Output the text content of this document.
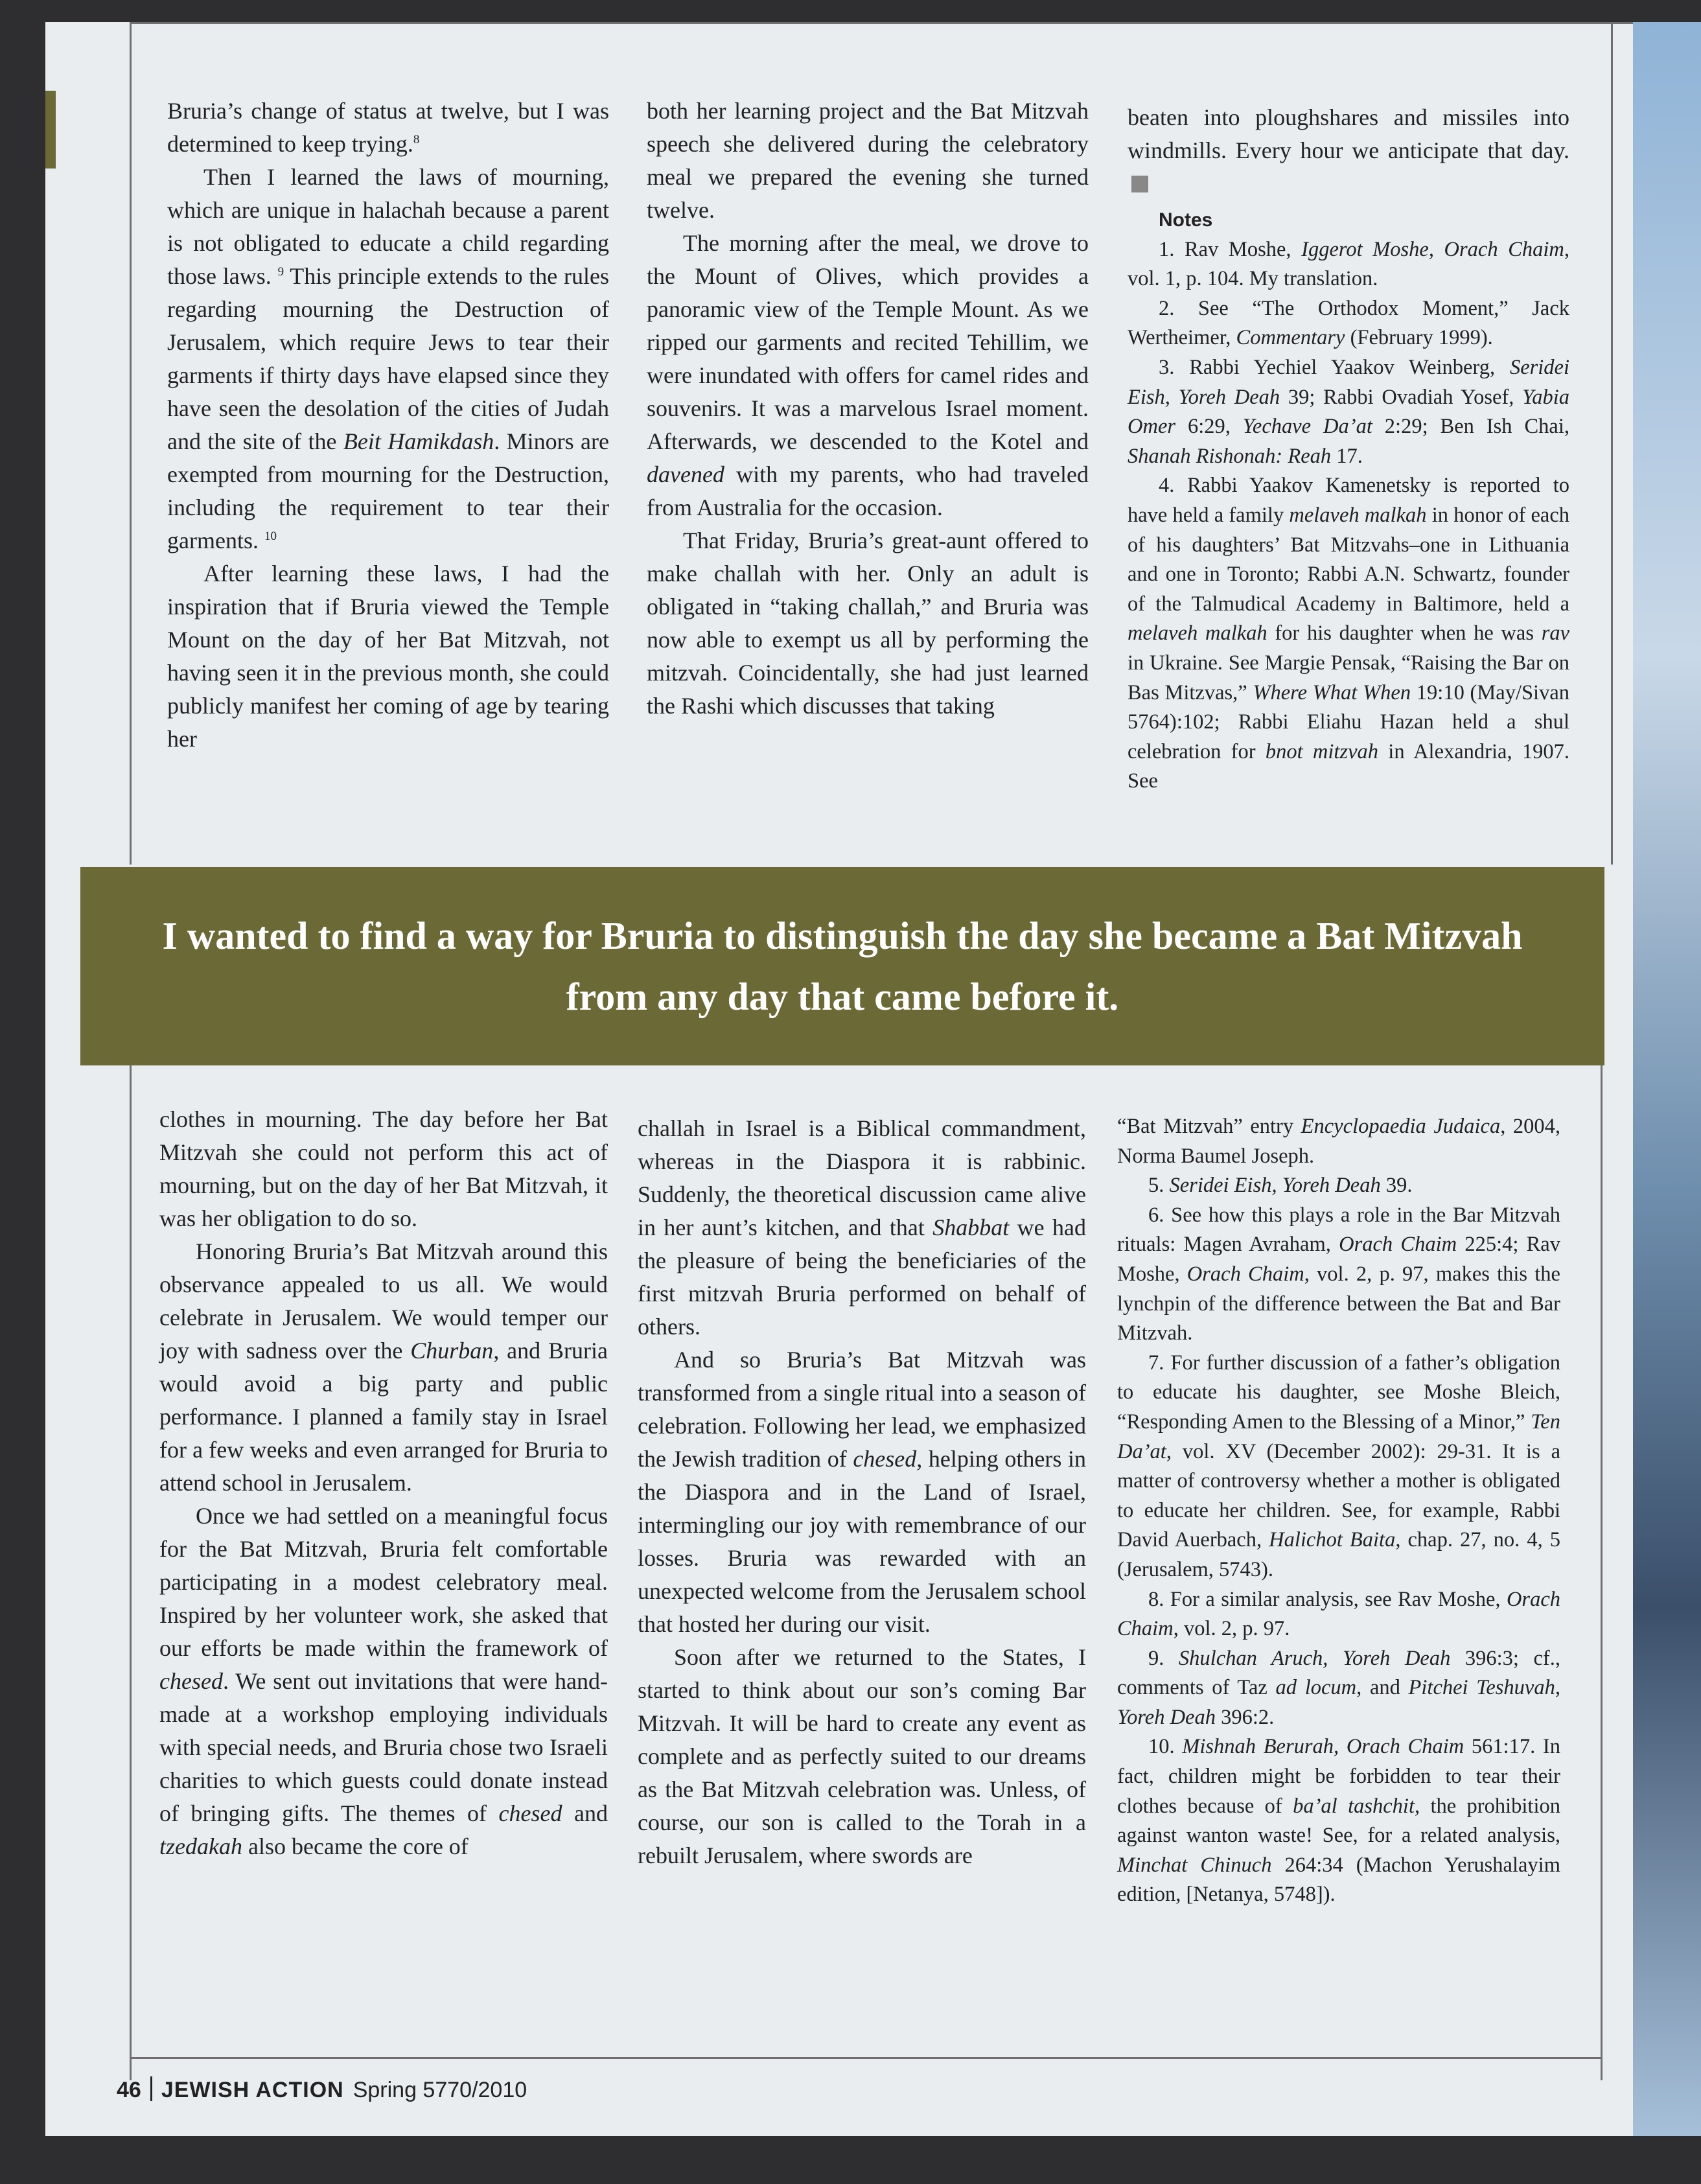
Bruria’s change of status at twelve, but I was determined to keep trying.$^8$

Then I learned the laws of mourning, which are unique in halachah because a parent is not obligated to educate a child regarding those laws. $^9$ This principle extends to the rules regarding mourning the Destruction of Jerusalem, which require Jews to tear their garments if thirty days have elapsed since they have seen the desolation of the cities of Judah and the site of the Beit Hamikdash. Minors are exempted from mourning for the Destruction, including the requirement to tear their garments. $^{10}$

After learning these laws, I had the inspiration that if Bruria viewed the Temple Mount on the day of her Bat Mitzvah, not having seen it in the previous month, she could publicly manifest her coming of age by tearing her

both her learning project and the Bat Mitzvah speech she delivered during the celebratory meal we prepared the evening she turned twelve.

The morning after the meal, we drove to the Mount of Olives, which provides a panoramic view of the Temple Mount. As we ripped our garments and recited Tehillim, we were inundated with offers for camel rides and souvenirs. It was a marvelous Israel moment. Afterwards, we descended to the Kotel and davened with my parents, who had traveled from Australia for the occasion.

That Friday, Bruria’s great-aunt offered to make challah with her. Only an adult is obligated in “taking challah,” and Bruria was now able to exempt us all by performing the mitzvah. Coincidentally, she had just learned the Rashi which discusses that taking

beaten into ploughshares and missiles into windmills. Every hour we anticipate that day.

Notes

1. Rav Moshe, Iggerot Moshe, Orach Chaim, vol. 1, p. 104. My translation.

2. See “The Orthodox Moment,” Jack Wertheimer, Commentary (February 1999).

3. Rabbi Yechiel Yaakov Weinberg, Seridei Eish, Yoreh Deah 39; Rabbi Ovadiah Yosef, Yabia Omer 6:29, Yechave Da’at 2:29; Ben Ish Chai, Shanah Rishonah: Reah 17.

4. Rabbi Yaakov Kamenetsky is reported to have held a family melaveh malkah in honor of each of his daughters’ Bat Mitzvahs–one in Lithuania and one in Toronto; Rabbi A.N. Schwartz, founder of the Talmudical Academy in Baltimore, held a melaveh malkah for his daughter when he was rav in Ukraine. See Margie Pensak, “Raising the Bar on Bas Mitzvas,” Where What When 19:10 (May/Sivan 5764):102; Rabbi Eliahu Hazan held a shul celebration for bnot mitzvah in Alexandria, 1907. See

I wanted to find a way for Bruria to distinguish the day she became a Bat Mitzvah from any day that came before it.

clothes in mourning. The day before her Bat Mitzvah she could not perform this act of mourning, but on the day of her Bat Mitzvah, it was her obligation to do so.

Honoring Bruria’s Bat Mitzvah around this observance appealed to us all. We would celebrate in Jerusalem. We would temper our joy with sadness over the Churban, and Bruria would avoid a big party and public performance. I planned a family stay in Israel for a few weeks and even arranged for Bruria to attend school in Jerusalem.

Once we had settled on a meaningful focus for the Bat Mitzvah, Bruria felt comfortable participating in a modest celebratory meal. Inspired by her volunteer work, she asked that our efforts be made within the framework of chesed. We sent out invitations that were hand-made at a workshop employing individuals with special needs, and Bruria chose two Israeli charities to which guests could donate instead of bringing gifts. The themes of chesed and tzedakah also became the core of

challah in Israel is a Biblical commandment, whereas in the Diaspora it is rabbinic. Suddenly, the theoretical discussion came alive in her aunt’s kitchen, and that Shabbat we had the pleasure of being the beneficiaries of the first mitzvah Bruria performed on behalf of others.

And so Bruria’s Bat Mitzvah was transformed from a single ritual into a season of celebration. Following her lead, we emphasized the Jewish tradition of chesed, helping others in the Diaspora and in the Land of Israel, intermingling our joy with remembrance of our losses. Bruria was rewarded with an unexpected welcome from the Jerusalem school that hosted her during our visit.

Soon after we returned to the States, I started to think about our son’s coming Bar Mitzvah. It will be hard to create any event as complete and as perfectly suited to our dreams as the Bat Mitzvah celebration was. Unless, of course, our son is called to the Torah in a rebuilt Jerusalem, where swords are

“Bat Mitzvah” entry Encyclopaedia Judaica, 2004, Norma Baumel Joseph.

5. Seridei Eish, Yoreh Deah 39.

6. See how this plays a role in the Bar Mitzvah rituals: Magen Avraham, Orach Chaim 225:4; Rav Moshe, Orach Chaim, vol. 2, p. 97, makes this the lynchpin of the difference between the Bat and Bar Mitzvah.

7. For further discussion of a father’s obligation to educate his daughter, see Moshe Bleich, “Responding Amen to the Blessing of a Minor,” Ten Da’at, vol. XV (December 2002): 29-31. It is a matter of controversy whether a mother is obligated to educate her children. See, for example, Rabbi David Auerbach, Halichot Baita, chap. 27, no. 4, 5 (Jerusalem, 5743).

8. For a similar analysis, see Rav Moshe, Orach Chaim, vol. 2, p. 97.

9. Shulchan Aruch, Yoreh Deah 396:3; cf., comments of Taz ad locum, and Pitchei Teshuvah, Yoreh Deah 396:2.

10. Mishnah Berurah, Orach Chaim 561:17. In fact, children might be forbidden to tear their clothes because of ba’al tashchit, the prohibition against wanton waste! See, for a related analysis, Minchat Chinuch 264:34 (Machon Yerushalayim edition, [Netanya, 5748]).

46 JEWISH ACTION Spring 5770/2010
